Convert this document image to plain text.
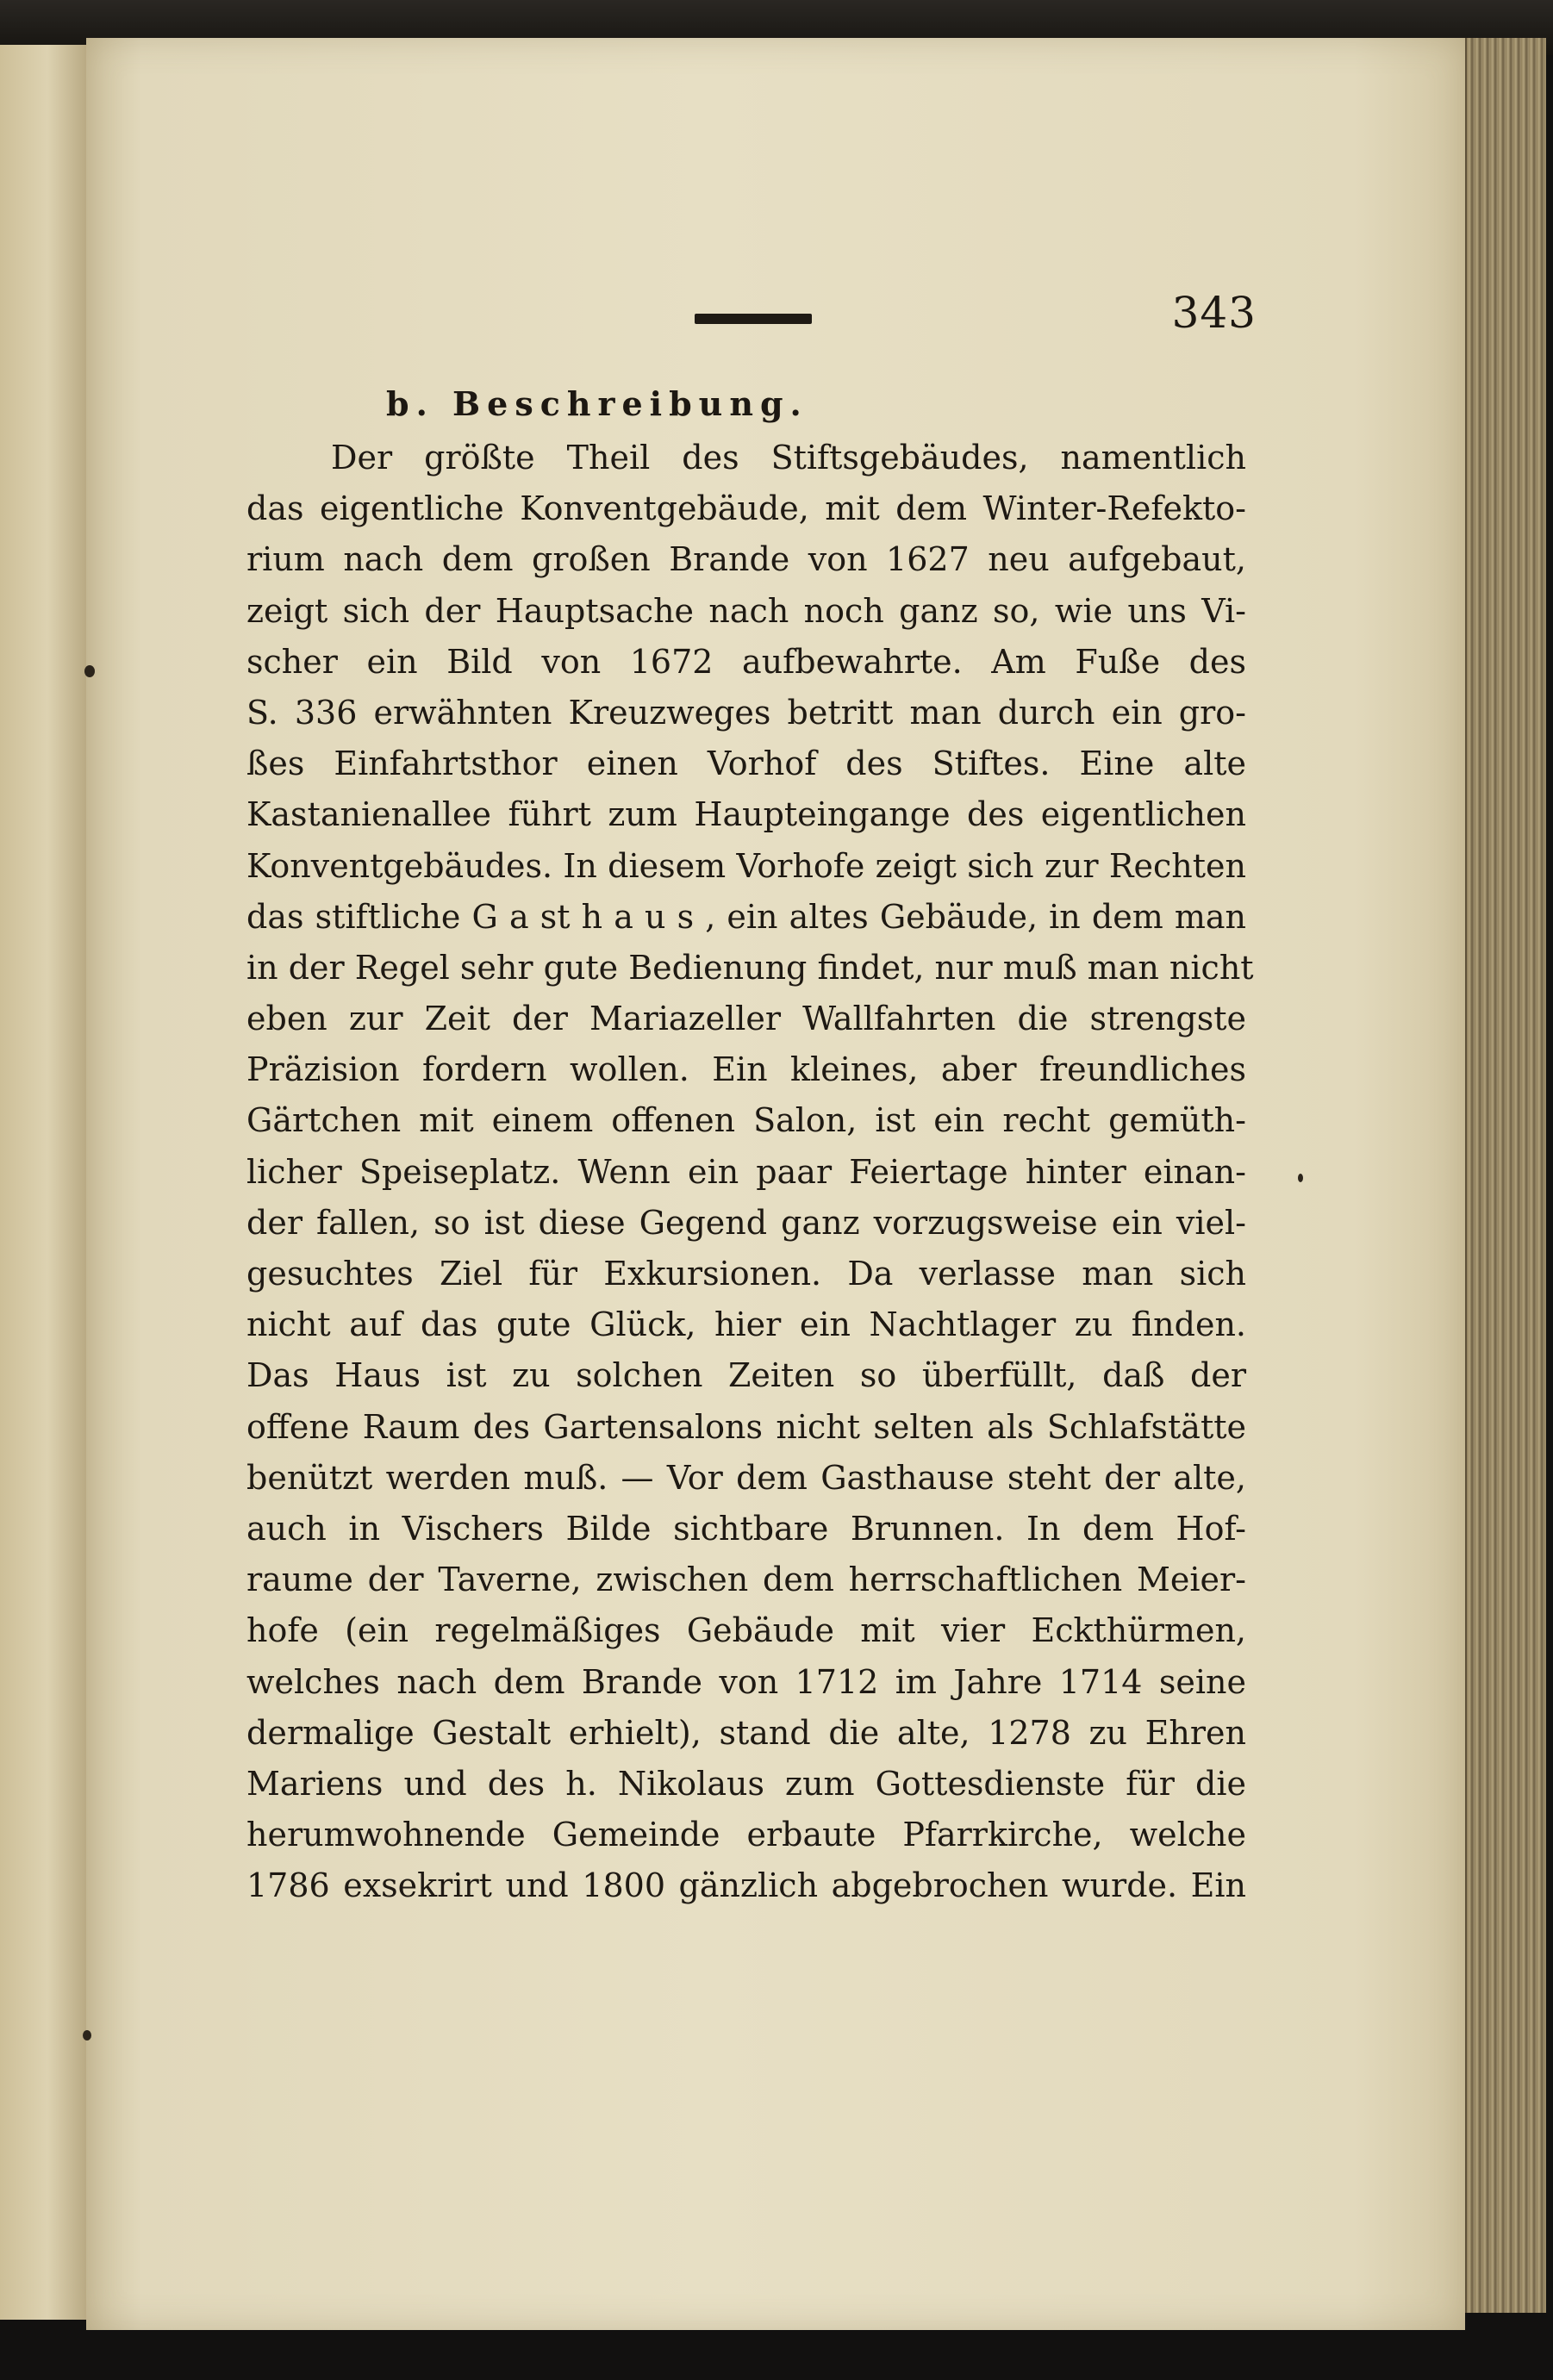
343
b. Beschreibung.
Der größte Theil des Stiftsgebäudes, namentlich
das eigentliche Konventgebäude, mit dem Winter-Refekto-
rium nach dem großen Brande von 1627 neu aufgebaut,
zeigt sich der Hauptsache nach noch ganz so, wie uns Vi-
scher ein Bild von 1672 aufbewahrte. Am Fuße des
S. 336 erwähnten Kreuzweges betritt man durch ein gro-
ßes Einfahrtsthor einen Vorhof des Stiftes. Eine alte
Kastanienallee führt zum Haupteingange des eigentlichen
Konventgebäudes. In diesem Vorhofe zeigt sich zur Rechten
das stiftliche G a st h a u s , ein altes Gebäude, in dem man
in der Regel sehr gute Bedienung findet, nur muß man nicht
eben zur Zeit der Mariazeller Wallfahrten die strengste
Präzision fordern wollen. Ein kleines, aber freundliches
Gärtchen mit einem offenen Salon, ist ein recht gemüth-
licher Speiseplatz. Wenn ein paar Feiertage hinter einan-
der fallen, so ist diese Gegend ganz vorzugsweise ein viel-
gesuchtes Ziel für Exkursionen. Da verlasse man sich
nicht auf das gute Glück, hier ein Nachtlager zu finden.
Das Haus ist zu solchen Zeiten so überfüllt, daß der
offene Raum des Gartensalons nicht selten als Schlafstätte
benützt werden muß. — Vor dem Gasthause steht der alte,
auch in Vischers Bilde sichtbare Brunnen. In dem Hof-
raume der Taverne, zwischen dem herrschaftlichen Meier-
hofe (ein regelmäßiges Gebäude mit vier Eckthürmen,
welches nach dem Brande von 1712 im Jahre 1714 seine
dermalige Gestalt erhielt), stand die alte, 1278 zu Ehren
Mariens und des h. Nikolaus zum Gottesdienste für die
herumwohnende Gemeinde erbaute Pfarrkirche, welche
1786 exsekrirt und 1800 gänzlich abgebrochen wurde. Ein
